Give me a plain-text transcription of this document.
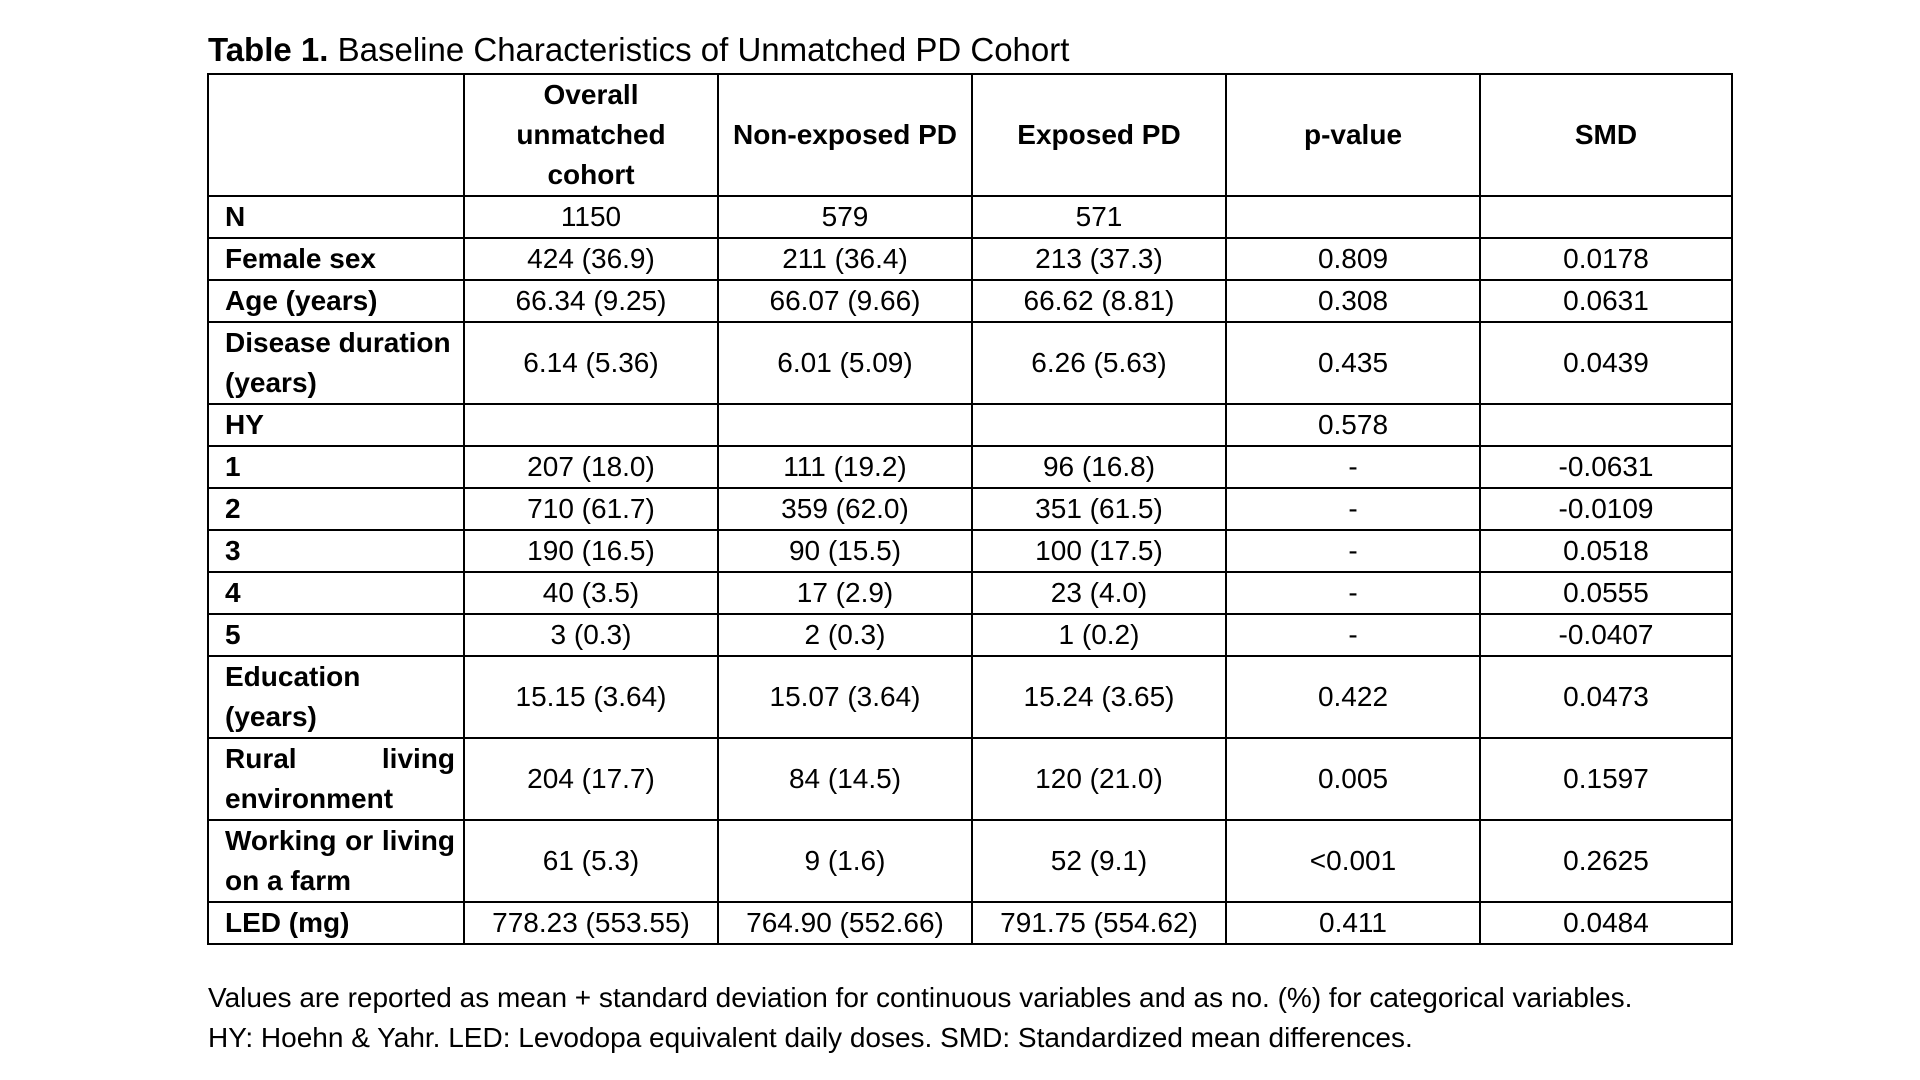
Table 1. Baseline Characteristics of Unmatched PD Cohort
	Overall unmatched cohort	Non-exposed PD	Exposed PD	p-value	SMD
N	1150	579	571		
Female sex	424 (36.9)	211 (36.4)	213 (37.3)	0.809	0.0178
Age (years)	66.34 (9.25)	66.07 (9.66)	66.62 (8.81)	0.308	0.0631
Disease duration (years)	6.14 (5.36)	6.01 (5.09)	6.26 (5.63)	0.435	0.0439
HY				0.578	
1	207 (18.0)	111 (19.2)	96 (16.8)	-	-0.0631
2	710 (61.7)	359 (62.0)	351 (61.5)	-	-0.0109
3	190 (16.5)	90 (15.5)	100 (17.5)	-	0.0518
4	40 (3.5)	17 (2.9)	23 (4.0)	-	0.0555
5	3 (0.3)	2 (0.3)	1 (0.2)	-	-0.0407
Education (years)	15.15 (3.64)	15.07 (3.64)	15.24 (3.65)	0.422	0.0473
Rural living environment	204 (17.7)	84 (14.5)	120 (21.0)	0.005	0.1597
Working or living on a farm	61 (5.3)	9 (1.6)	52 (9.1)	<0.001	0.2625
LED (mg)	778.23 (553.55)	764.90 (552.66)	791.75 (554.62)	0.411	0.0484
Values are reported as mean + standard deviation for continuous variables and as no. (%) for categorical variables.
HY: Hoehn & Yahr. LED: Levodopa equivalent daily doses. SMD: Standardized mean differences.
